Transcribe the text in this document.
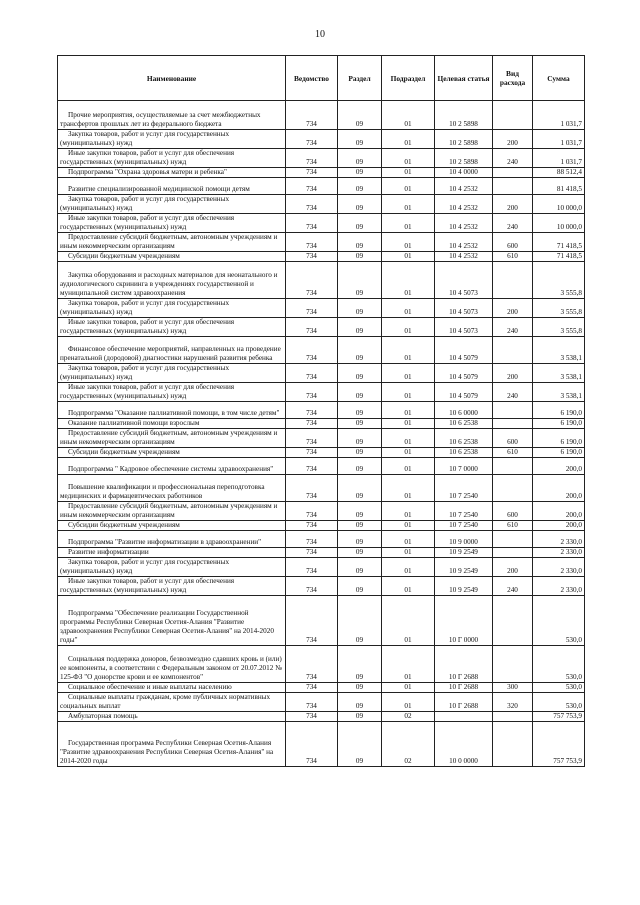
10
Наименование	Ведомство	Раздел	Подраздел	Целевая статья	Вид расхода	Сумма

Прочие мероприятия, осуществляемые за счет межбюджетных трансфертов прошлых лет из федерального бюджета	734	09	01	10 2 5898		1 031,7

Закупка товаров, работ и услуг для государственных (муниципальных) нужд	734	09	01	10 2 5898	200	1 031,7

Иные закупки товаров, работ и услуг для обеспечения государственных (муниципальных) нужд	734	09	01	10 2 5898	240	1 031,7

Подпрограмма "Охрана здоровья матери и ребенка"	734	09	01	10 4 0000		88 512,4

Развитие специализированной медицинской помощи детям	734	09	01	10 4 2532		81 418,5

Закупка товаров, работ и услуг для государственных (муниципальных) нужд	734	09	01	10 4 2532	200	10 000,0

Иные закупки товаров, работ и услуг для обеспечения государственных (муниципальных) нужд	734	09	01	10 4 2532	240	10 000,0

Предоставление субсидий бюджетным, автономным учреждениям и иным некоммерческим организациям	734	09	01	10 4 2532	600	71 418,5

Субсидии бюджетным учреждениям	734	09	01	10 4 2532	610	71 418,5

Закупка оборудования и расходных материалов для неонатального и аудиологического скрининга в учреждениях государственной и муниципальной систем здравоохранения	734	09	01	10 4 5073		3 555,8

Закупка товаров, работ и услуг для государственных (муниципальных) нужд	734	09	01	10 4 5073	200	3 555,8

Иные закупки товаров, работ и услуг для обеспечения государственных (муниципальных) нужд	734	09	01	10 4 5073	240	3 555,8

Финансовое обеспечение мероприятий, направленных на проведение пренатальной (дородовой) диагностики нарушений развития ребенка	734	09	01	10 4 5079		3 538,1

Закупка товаров, работ и услуг для государственных (муниципальных) нужд	734	09	01	10 4 5079	200	3 538,1

Иные закупки товаров, работ и услуг для обеспечения государственных (муниципальных) нужд	734	09	01	10 4 5079	240	3 538,1

Подпрограмма "Оказание паллиативной помощи, в том числе детям"	734	09	01	10 6 0000		6 190,0

Оказание паллиативной помощи взрослым	734	09	01	10 6 2538		6 190,0

Предоставление субсидий бюджетным, автономным учреждениям и иным некоммерческим организациям	734	09	01	10 6 2538	600	6 190,0

Субсидии бюджетным учреждениям	734	09	01	10 6 2538	610	6 190,0

Подпрограмма " Кадровое обеспечение системы здравоохранения"	734	09	01	10 7 0000		200,0

Повышение квалификации и профессиональная переподготовка медицинских и фармацевтических работников	734	09	01	10 7 2540		200,0

Предоставление субсидий бюджетным, автономным учреждениям и иным некоммерческим организациям	734	09	01	10 7 2540	600	200,0

Субсидии бюджетным учреждениям	734	09	01	10 7 2540	610	200,0

Подпрограмма "Развитие информатизации в здравоохранении"	734	09	01	10 9 0000		2 330,0

Развитие информатизации	734	09	01	10 9 2549		2 330,0

Закупка товаров, работ и услуг для государственных (муниципальных) нужд	734	09	01	10 9 2549	200	2 330,0

Иные закупки товаров, работ и услуг для обеспечения государственных (муниципальных) нужд	734	09	01	10 9 2549	240	2 330,0

Подпрограмма "Обеспечение реализации Государственной программы Республики Северная Осетия-Алания "Развитие здравоохранения Республики Северная Осетия-Алания" на 2014-2020 годы"	734	09	01	10 Г 0000		530,0

Социальная поддержка доноров, безвозмездно сдавших кровь и (или) ее компоненты, в соответствии с Федеральным законом от 20.07.2012 № 125-ФЗ "О донорстве крови и ее компонентов"	734	09	01	10 Г 2688		530,0

Социальное обеспечение и иные выплаты населению	734	09	01	10 Г 2688	300	530,0

Социальные выплаты гражданам, кроме публичных нормативных социальных выплат	734	09	01	10 Г 2688	320	530,0

Амбулаторная помощь	734	09	02			757 753,9

Государственная программа Республики Северная Осетия-Алания "Развитие здравоохранения Республики Северная Осетия-Алания" на 2014-2020 годы	734	09	02	10 0 0000		757 753,9
